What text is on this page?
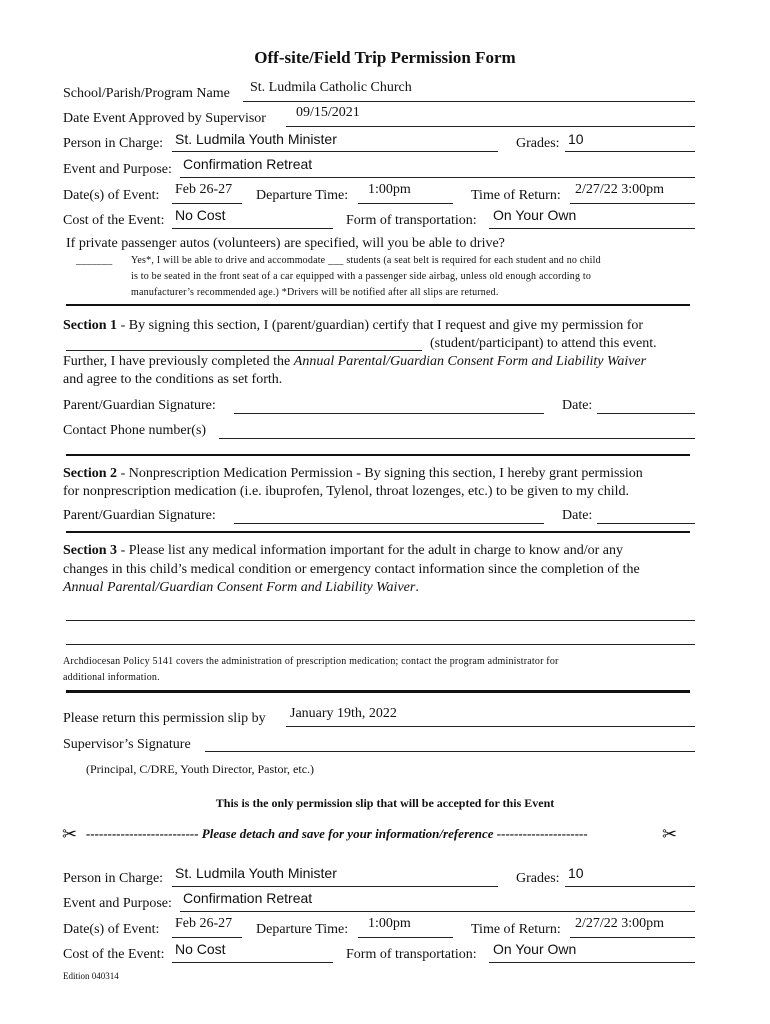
Off-site/Field Trip Permission Form
School/Parish/Program Name St. Ludmila Catholic Church
Date Event Approved by Supervisor 09/15/2021
Person in Charge: St. Ludmila Youth Minister	Grades: 10
Event and Purpose: Confirmation Retreat
Date(s) of Event: Feb 26-27 Departure Time: 1:00pm	Time of Return: 2/27/22 3:00pm
Cost of the Event: No Cost	Form of transportation: On Your Own
If private passenger autos (volunteers) are specified, will you be able to drive?
_______ Yes*, I will be able to drive and accommodate ___ students (a seat belt is required for each student and no child
is to be seated in the front seat of a car equipped with a passenger side airbag, unless old enough according to
manufacturer’s recommended age.) *Drivers will be notified after all slips are returned.
Section 1 - By signing this section, I (parent/guardian) certify that I request and give my permission for
(student/participant) to attend this event.
Further, I have previously completed the Annual Parental/Guardian Consent Form and Liability Waiver
and agree to the conditions as set forth.
Parent/Guardian Signature:	Date:
Contact Phone number(s)
Section 2 - Nonprescription Medication Permission - By signing this section, I hereby grant permission
for nonprescription medication (i.e. ibuprofen, Tylenol, throat lozenges, etc.) to be given to my child.
Parent/Guardian Signature:	Date:
Section 3 - Please list any medical information important for the adult in charge to know and/or any
changes in this child’s medical condition or emergency contact information since the completion of the
Annual Parental/Guardian Consent Form and Liability Waiver.
Archdiocesan Policy 5141 covers the administration of prescription medication; contact the program administrator for
additional information.
Please return this permission slip by January 19th, 2022
Supervisor’s Signature
(Principal, C/DRE, Youth Director, Pastor, etc.)
This is the only permission slip that will be accepted for this Event
✂ -------------------------- Please detach and save for your information/reference ---------------------	✂
Person in Charge: St. Ludmila Youth Minister	Grades: 10
Event and Purpose: Confirmation Retreat
Date(s) of Event: Feb 26-27 Departure Time: 1:00pm	Time of Return: 2/27/22 3:00pm
Cost of the Event: No Cost	Form of transportation: On Your Own
Edition 040314
